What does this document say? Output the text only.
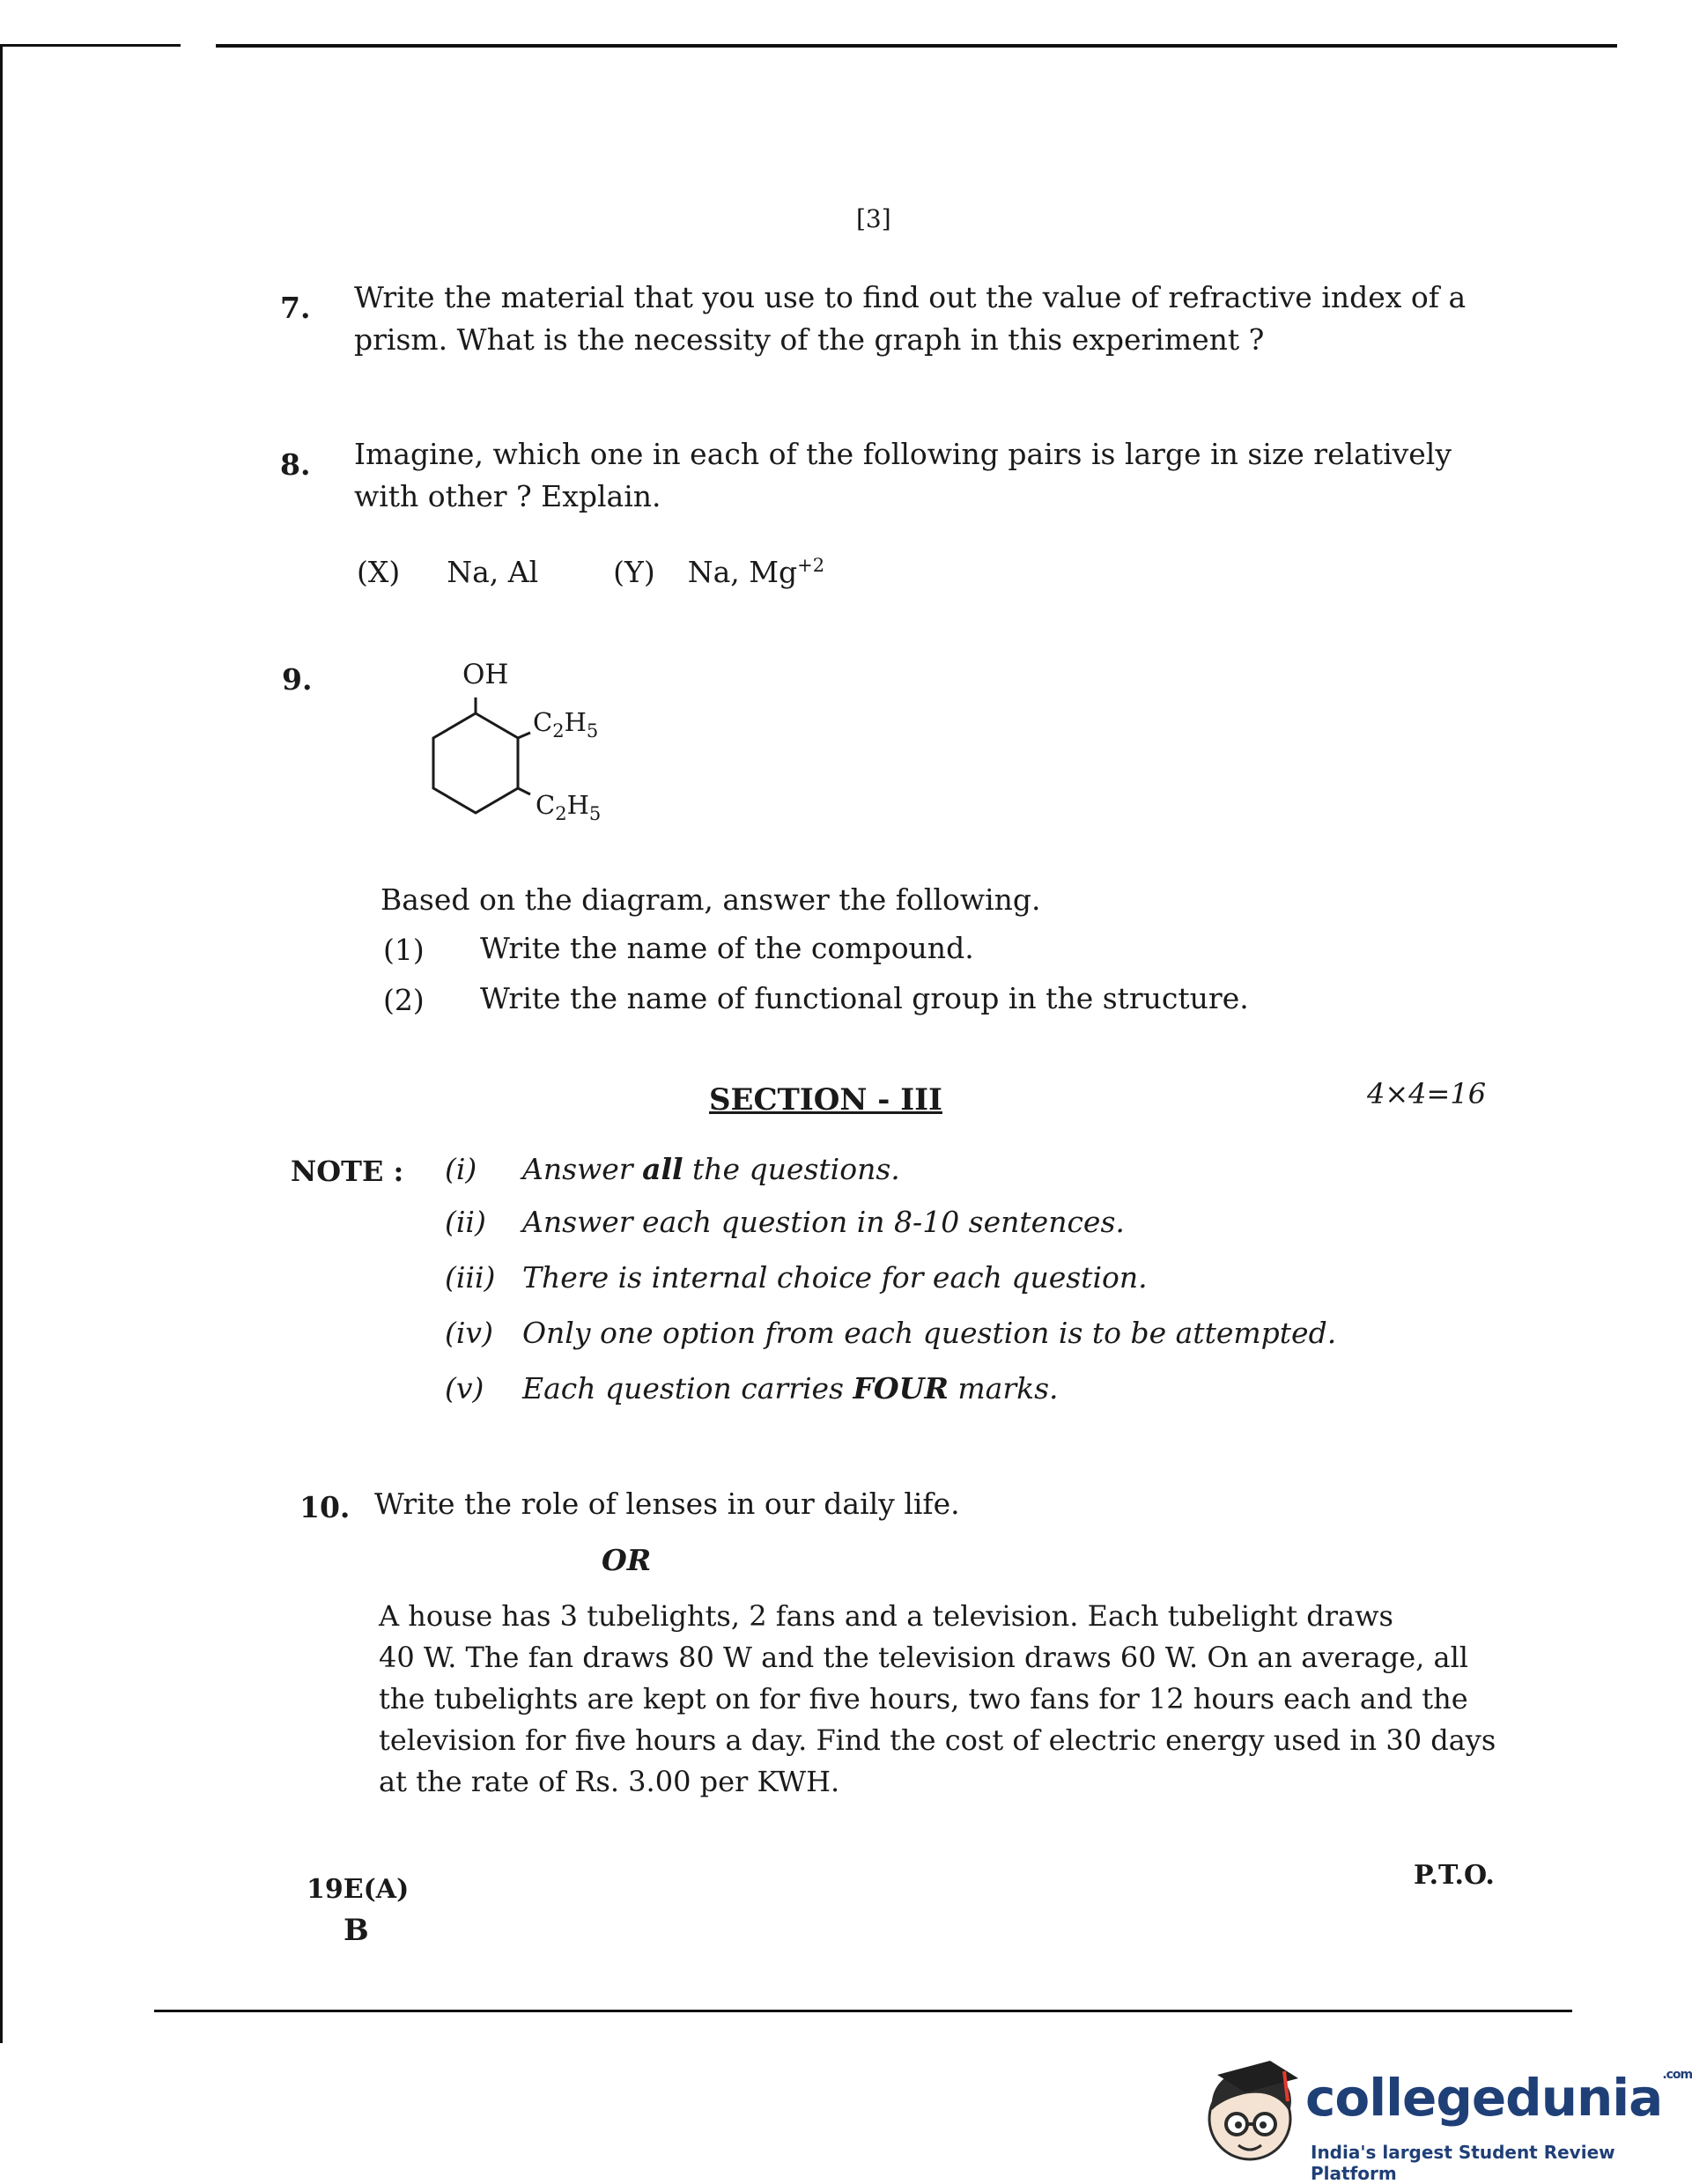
[3]
7. Write the material that you use to find out the value of refractive index of a
prism. What is the necessity of the graph in this experiment ?
8. Imagine, which one in each of the following pairs is large in size relatively
with other ? Explain.
(X) Na, Al	(Y) Na, $Mg^{+2}$
9.	OH
$C_2H_5$
$C_2H_5$
Based on the diagram, answer the following.
(1) Write the name of the compound.
(2) Write the name of functional group in the structure.
SECTION - III	4×4=16
NOTE : (i) Answer all the questions.
(ii) Answer each question in 8-10 sentences.
(iii) There is internal choice for each question.
(iv) Only one option from each question is to be attempted.
(v) Each question carries FOUR marks.
10. Write the role of lenses in our daily life.
OR
A house has 3 tubelights, 2 fans and a television. Each tubelight draws
40 W. The fan draws 80 W and the television draws 60 W. On an average, all
the tubelights are kept on for five hours, two fans for 12 hours each and the
television for five hours a day. Find the cost of electric energy used in 30 days
at the rate of Rs. 3.00 per KWH.
19E(A)
B
P.T.O.
collegedunia$^{.com}$
India's largest Student Review Platform
